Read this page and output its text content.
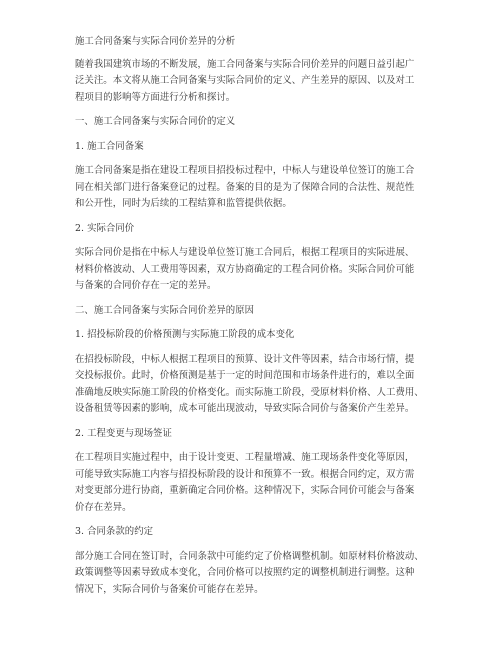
施工合同备案与实际合同价差异的分析
随着我国建筑市场的不断发展，施工合同备案与实际合同价差异的问题日益引起广
泛关注。本文将从施工合同备案与实际合同价的定义、产生差异的原因、以及对工
程项目的影响等方面进行分析和探讨。
一、施工合同备案与实际合同价的定义
1. 施工合同备案
施工合同备案是指在建设工程项目招投标过程中，中标人与建设单位签订的施工合
同在相关部门进行备案登记的过程。备案的目的是为了保障合同的合法性、规范性
和公开性，同时为后续的工程结算和监管提供依据。
2. 实际合同价
实际合同价是指在中标人与建设单位签订施工合同后，根据工程项目的实际进展、
材料价格波动、人工费用等因素，双方协商确定的工程合同价格。实际合同价可能
与备案的合同价存在一定的差异。
二、施工合同备案与实际合同价差异的原因
1. 招投标阶段的价格预测与实际施工阶段的成本变化
在招投标阶段，中标人根据工程项目的预算、设计文件等因素，结合市场行情，提
交投标报价。此时，价格预测是基于一定的时间范围和市场条件进行的，难以全面
准确地反映实际施工阶段的价格变化。而实际施工阶段，受原材料价格、人工费用、
设备租赁等因素的影响，成本可能出现波动，导致实际合同价与备案价产生差异。
2. 工程变更与现场签证
在工程项目实施过程中，由于设计变更、工程量增减、施工现场条件变化等原因，
可能导致实际施工内容与招投标阶段的设计和预算不一致。根据合同约定，双方需
对变更部分进行协商，重新确定合同价格。这种情况下，实际合同价可能会与备案
价存在差异。
3. 合同条款的约定
部分施工合同在签订时，合同条款中可能约定了价格调整机制。如原材料价格波动、
政策调整等因素导致成本变化，合同价格可以按照约定的调整机制进行调整。这种
情况下，实际合同价与备案价可能存在差异。
